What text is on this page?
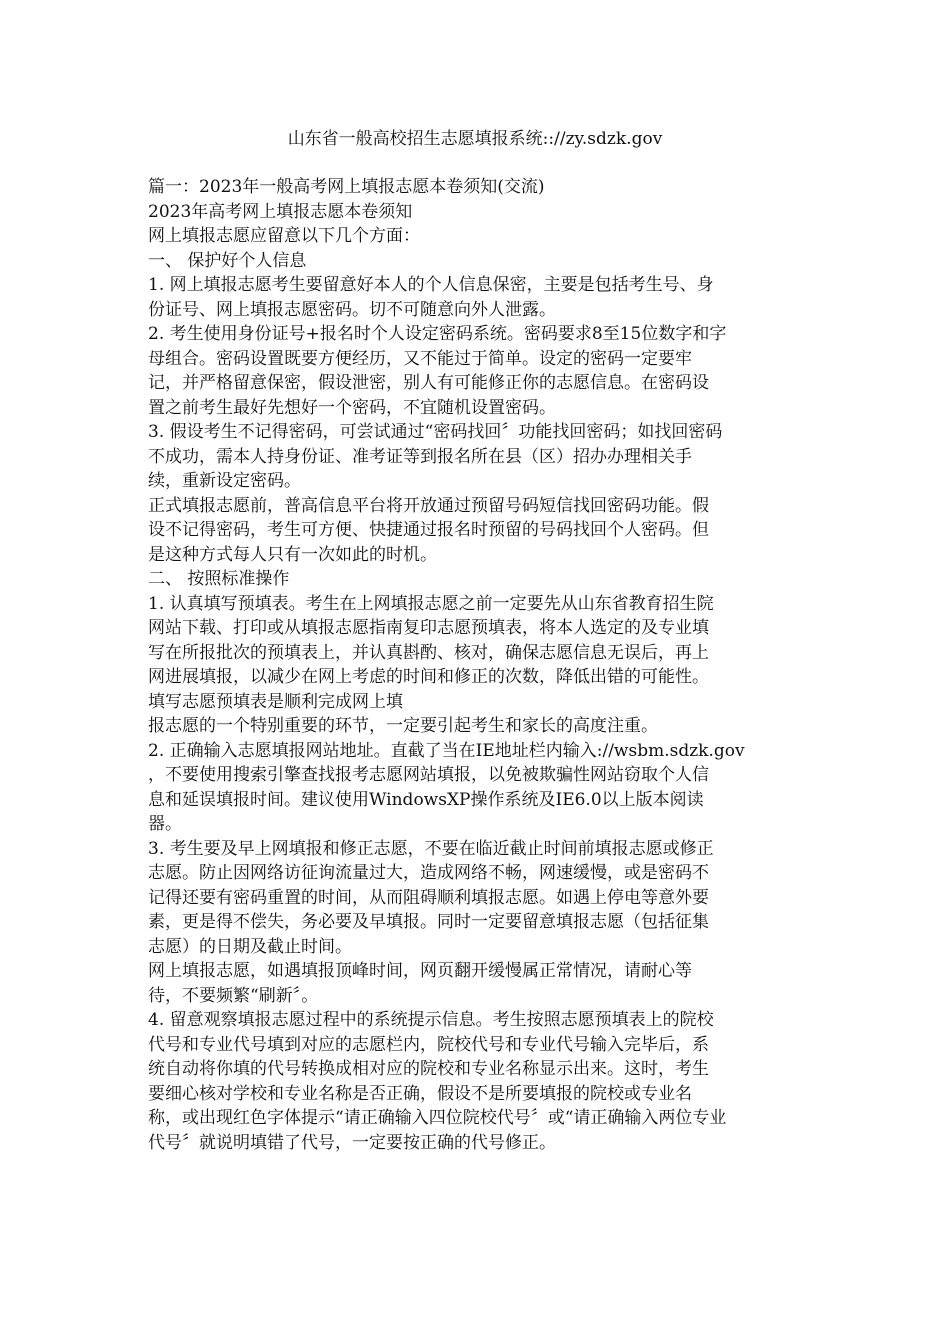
山东省一般高校招生志愿填报系统:://zy.sdzk.gov

篇一：2023年一般高考网上填报志愿本卷须知(交流)

2023年高考网上填报志愿本卷须知

网上填报志愿应留意以下几个方面：

一、 保护好个人信息

1. 网上填报志愿考生要留意好本人的个人信息保密，主要是包括考生号、身

份证号、网上填报志愿密码。切不可随意向外人泄露。

2. 考生使用身份证号+报名时个人设定密码系统。密码要求8至15位数字和字

母组合。密码设置既要方便经历，又不能过于简单。设定的密码一定要牢

记，并严格留意保密，假设泄密，别人有可能修正你的志愿信息。在密码设

置之前考生最好先想好一个密码，不宜随机设置密码。

3. 假设考生不记得密码，可尝试通过“密码找回〞功能找回密码；如找回密码

不成功，需本人持身份证、准考证等到报名所在县（区）招办办理相关手

续，重新设定密码。

正式填报志愿前，普高信息平台将开放通过预留号码短信找回密码功能。假

设不记得密码，考生可方便、快捷通过报名时预留的号码找回个人密码。但

是这种方式每人只有一次如此的时机。

二、 按照标准操作

1. 认真填写预填表。考生在上网填报志愿之前一定要先从山东省教育招生院

网站下载、打印或从填报志愿指南复印志愿预填表，将本人选定的及专业填

写在所报批次的预填表上，并认真斟酌、核对，确保志愿信息无误后，再上

网进展填报，以减少在网上考虑的时间和修正的次数，降低出错的可能性。

填写志愿预填表是顺利完成网上填

报志愿的一个特别重要的环节，一定要引起考生和家长的高度注重。

2. 正确输入志愿填报网站地址。直截了当在IE地址栏内输入://wsbm.sdzk.gov

，不要使用搜索引擎查找报考志愿网站填报，以免被欺骗性网站窃取个人信

息和延误填报时间。建议使用WindowsXP操作系统及IE6.0以上版本阅读

器。

3. 考生要及早上网填报和修正志愿，不要在临近截止时间前填报志愿或修正

志愿。防止因网络访征询流量过大，造成网络不畅，网速缓慢，或是密码不

记得还要有密码重置的时间，从而阻碍顺利填报志愿。如遇上停电等意外要

素，更是得不偿失，务必要及早填报。同时一定要留意填报志愿（包括征集

志愿）的日期及截止时间。

网上填报志愿，如遇填报顶峰时间，网页翻开缓慢属正常情况，请耐心等

待，不要频繁“刷新〞。

4. 留意观察填报志愿过程中的系统提示信息。考生按照志愿预填表上的院校

代号和专业代号填到对应的志愿栏内，院校代号和专业代号输入完毕后，系

统自动将你填的代号转换成相对应的院校和专业名称显示出来。这时，考生

要细心核对学校和专业名称是否正确，假设不是所要填报的院校或专业名

称，或出现红色字体提示“请正确输入四位院校代号〞或“请正确输入两位专业

代号〞就说明填错了代号，一定要按正确的代号修正。
